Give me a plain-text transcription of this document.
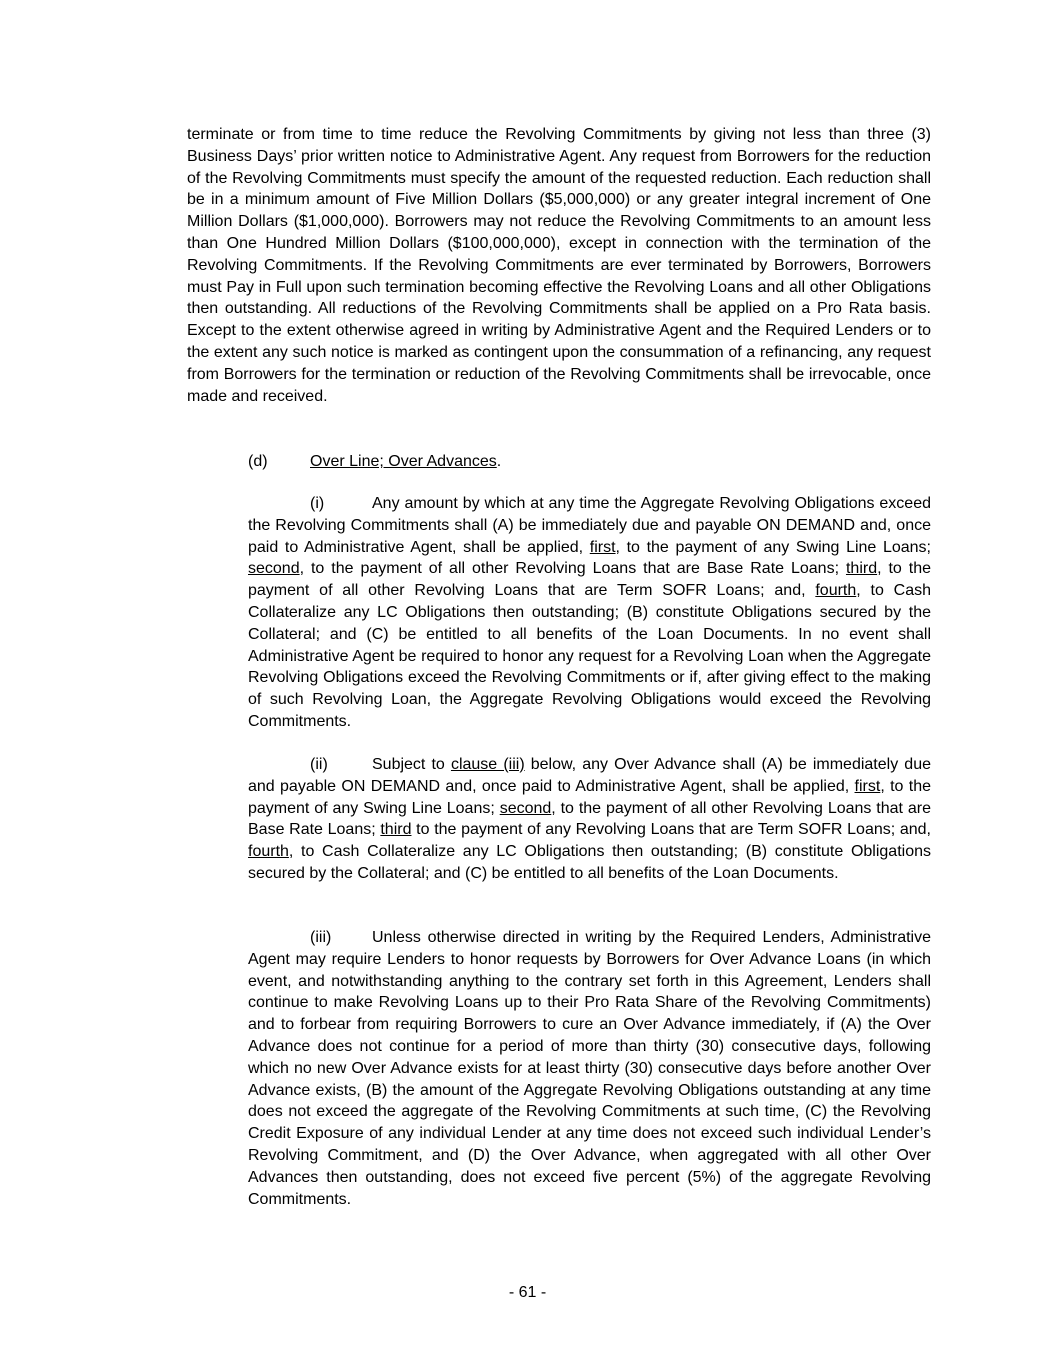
terminate or from time to time reduce the Revolving Commitments by giving not less than three (3) Business Days’ prior written notice to Administrative Agent. Any request from Borrowers for the reduction of the Revolving Commitments must specify the amount of the requested reduction. Each reduction shall be in a minimum amount of Five Million Dollars ($5,000,000) or any greater integral increment of One Million Dollars ($1,000,000). Borrowers may not reduce the Revolving Commitments to an amount less than One Hundred Million Dollars ($100,000,000), except in connection with the termination of the Revolving Commitments. If the Revolving Commitments are ever terminated by Borrowers, Borrowers must Pay in Full upon such termination becoming effective the Revolving Loans and all other Obligations then outstanding. All reductions of the Revolving Commitments shall be applied on a Pro Rata basis. Except to the extent otherwise agreed in writing by Administrative Agent and the Required Lenders or to the extent any such notice is marked as contingent upon the consummation of a refinancing, any request from Borrowers for the termination or reduction of the Revolving Commitments shall be irrevocable, once made and received.

(d)	Over Line; Over Advances.

(i)	Any amount by which at any time the Aggregate Revolving Obligations exceed the Revolving Commitments shall (A) be immediately due and payable ON DEMAND and, once paid to Administrative Agent, shall be applied, first, to the payment of any Swing Line Loans; second, to the payment of all other Revolving Loans that are Base Rate Loans; third, to the payment of all other Revolving Loans that are Term SOFR Loans; and, fourth, to Cash Collateralize any LC Obligations then outstanding; (B) constitute Obligations secured by the Collateral; and (C) be entitled to all benefits of the Loan Documents. In no event shall Administrative Agent be required to honor any request for a Revolving Loan when the Aggregate Revolving Obligations exceed the Revolving Commitments or if, after giving effect to the making of such Revolving Loan, the Aggregate Revolving Obligations would exceed the Revolving Commitments.

(ii)	Subject to clause (iii) below, any Over Advance shall (A) be immediately due and payable ON DEMAND and, once paid to Administrative Agent, shall be applied, first, to the payment of any Swing Line Loans; second, to the payment of all other Revolving Loans that are Base Rate Loans; third to the payment of any Revolving Loans that are Term SOFR Loans; and, fourth, to Cash Collateralize any LC Obligations then outstanding; (B) constitute Obligations secured by the Collateral; and (C) be entitled to all benefits of the Loan Documents.

(iii)	Unless otherwise directed in writing by the Required Lenders, Administrative Agent may require Lenders to honor requests by Borrowers for Over Advance Loans (in which event, and notwithstanding anything to the contrary set forth in this Agreement, Lenders shall continue to make Revolving Loans up to their Pro Rata Share of the Revolving Commitments) and to forbear from requiring Borrowers to cure an Over Advance immediately, if (A) the Over Advance does not continue for a period of more than thirty (30) consecutive days, following which no new Over Advance exists for at least thirty (30) consecutive days before another Over Advance exists, (B) the amount of the Aggregate Revolving Obligations outstanding at any time does not exceed the aggregate of the Revolving Commitments at such time, (C) the Revolving Credit Exposure of any individual Lender at any time does not exceed such individual Lender’s Revolving Commitment, and (D) the Over Advance, when aggregated with all other Over Advances then outstanding, does not exceed five percent (5%) of the aggregate Revolving Commitments.

- 61 -
